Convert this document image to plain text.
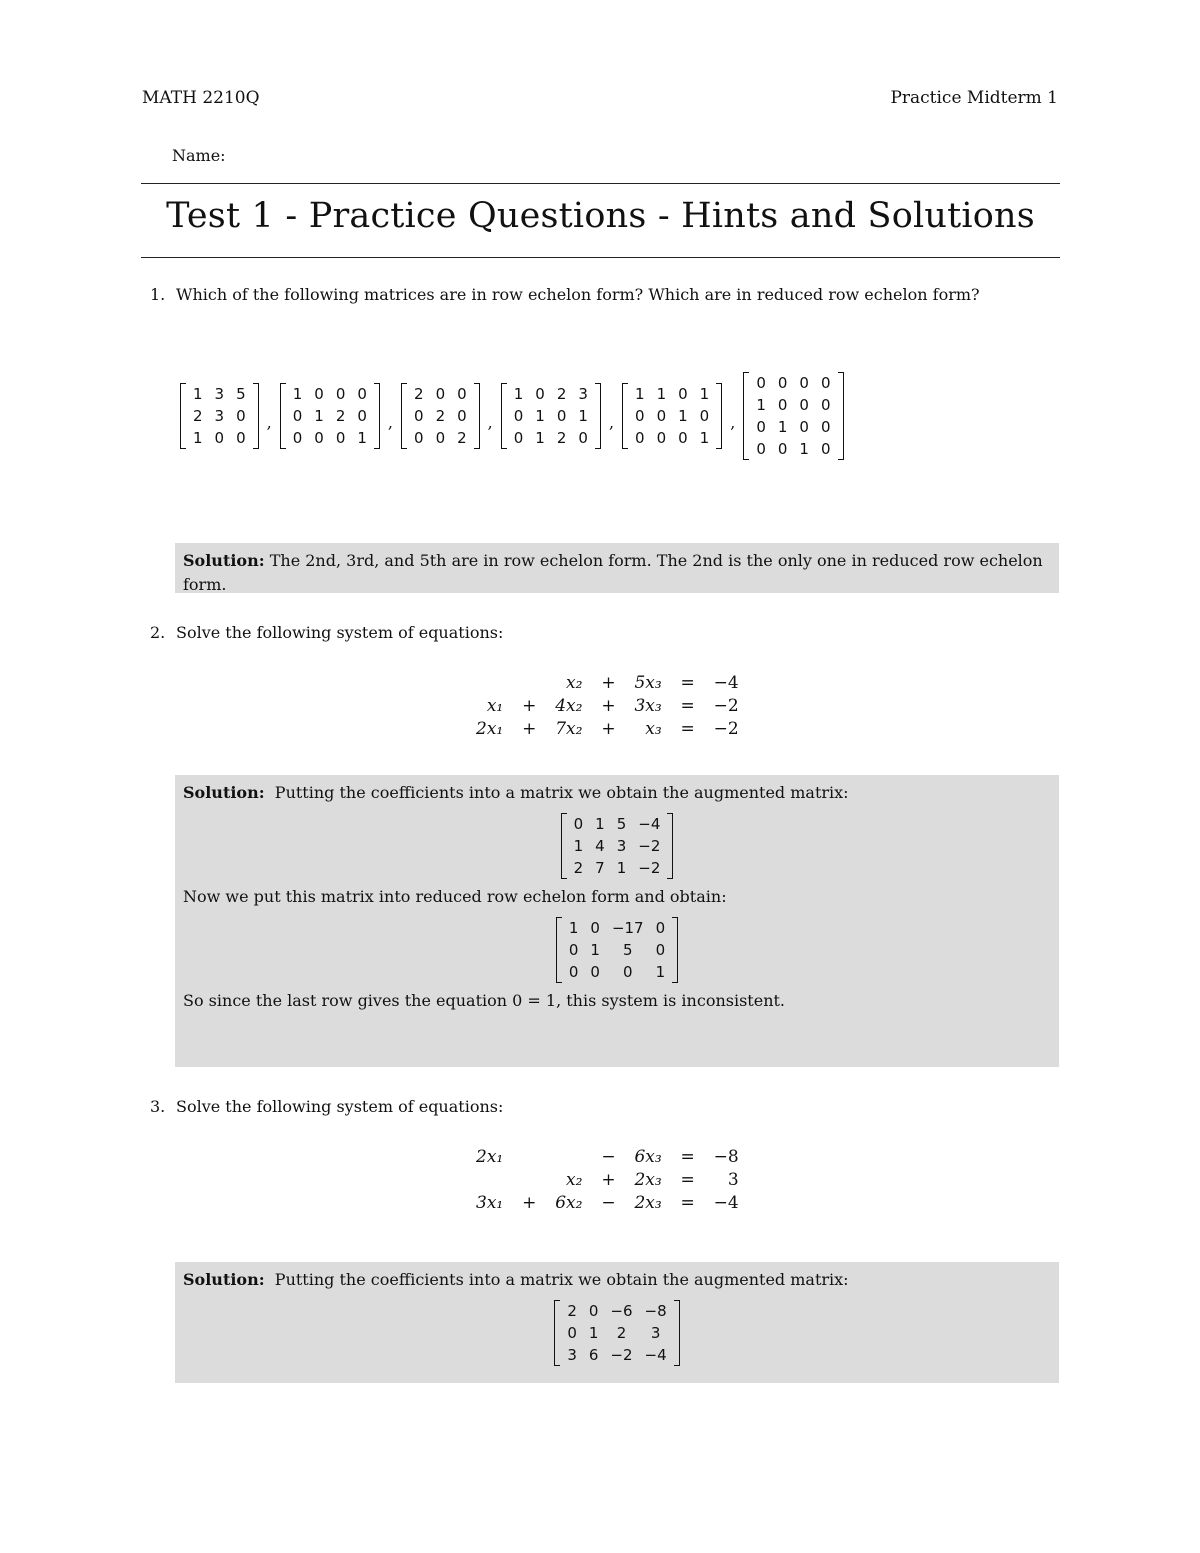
MATH 2210Q	Practice Midterm 1
Name:
Test 1 - Practice Questions - Hints and Solutions
1. Which of the following matrices are in row echelon form? Which are in reduced row echelon form?
1	3	5
2	3	0
1	0	0
,
1	0	0	0
0	1	2	0
0	0	0	1
,
2	0	0
0	2	0
0	0	2
,
1	0	2	3
0	1	0	1
0	1	2	0
,
1	1	0	1
0	0	1	0
0	0	0	1
,
0	0	0	0
1	0	0	0
0	1	0	0
0	0	1	0
Solution: The 2nd, 3rd, and 5th are in row echelon form. The 2nd is the only one in reduced row echelon form.
2. Solve the following system of equations:
		x₂	+	5x₃	=	−4
x₁	+	4x₂	+	3x₃	=	−2
2x₁	+	7x₂	+	x₃	=	−2
Solution: Putting the coefficients into a matrix we obtain the augmented matrix:
0	1	5	−4
1	4	3	−2
2	7	1	−2
Now we put this matrix into reduced row echelon form and obtain:
1	0	−17	0
0	1	5	0
0	0	0	1
So since the last row gives the equation 0 = 1, this system is inconsistent.
3. Solve the following system of equations:
2x₁			−	6x₃	=	−8
		x₂	+	2x₃	=	3
3x₁	+	6x₂	−	2x₃	=	−4
Solution: Putting the coefficients into a matrix we obtain the augmented matrix:
2	0	−6	−8
0	1	2	3
3	6	−2	−4
